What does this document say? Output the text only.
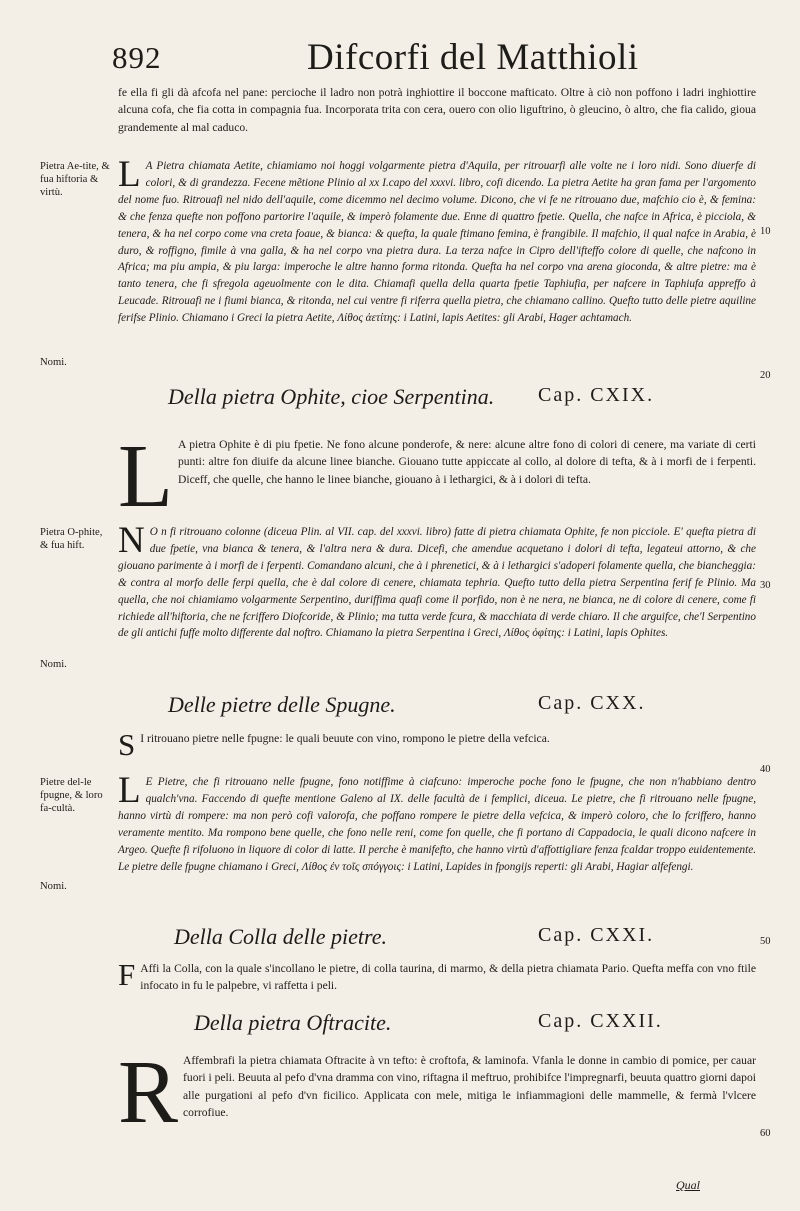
892	Difcorfi del Matthioli

fe ella fi gli dà afcofa nel pane: percioche il ladro non potrà inghiottire il boccone mafticato. Oltre à ciò non poffono i ladri inghiottire alcuna cofa, che fia cotta in compagnia fua. Incorporata trita con cera, ouero con olio liguftrino, ò gleucino, ò altro, che fia calido, gioua grandemente al mal caduco.

L A Pietra chiamata Aetite, chiamiamo noi hoggi volgarmente pietra d'Aquila, per ritrouarfi alle volte ne i loro nidi. Sono diuerfe di colori, & di grandezza. Fecene mẽtione Plinio al xx I.capo del xxxvi. libro, cofi dicendo. La pietra Aetite ha gran fama per l'argomento del nome fuo. Ritrouafi nel nido dell'aquile, come dicemmo nel decimo volume. Dicono, che vi fe ne ritrouano due, mafchio cio è, & femina: & che fenza quefte non poffono partorire l'aquile, & imperò folamente due. Enne di quattro fpetie. Quella, che nafce in Africa, è picciola, & tenera, & ha nel corpo come vna creta foaue, & bianca: & quefta, la quale ftimano femina, è frangibile. Il mafchio, il qual nafce in Arabia, è duro, & roffigno, fimile à vna galla, & ha nel corpo vna pietra dura. La terza nafce in Cipro dell'ifteffo colore di quelle, che nafcono in Africa; ma piu ampia, & piu larga: imperoche le altre hanno forma ritonda. Quefta ha nel corpo vna arena gioconda, & altre pietre: ma è tanto tenera, che fi sfregola ageuolmente con le dita. Chiamafi quella della quarta fpetie Taphiufia, per nafcere in Taphiufa appreffo à Leucade. Ritrouafi ne i fiumi bianca, & ritonda, nel cui ventre fi riferra quella pietra, che chiamano callino. Quefto tutto delle pietre aquiline ferifse Plinio. Chiamano i Greci la pietra Aetite, Λίθος ἀετίτης: i Latini, lapis Aetites: gli Arabi, Hager achtamach.

Della pietra Ophite, cioe Serpentina. Cap. CXIX.

L A pietra Ophite è di piu fpetie. Ne fono alcune ponderofe, & nere: alcune altre fono di colori di cenere, ma variate di certi punti: altre fon diuife da alcune linee bianche. Giouano tutte appiccate al collo, al dolore di tefta, & à i morfi de i ferpenti. Diceff, che quelle, che hanno le linee bianche, giouano à i lethargici, & à i dolori di tefta.

N O n fi ritrouano colonne (diceua Plin. al VII. cap. del xxxvi. libro) fatte di pietra chiamata Ophite, fe non picciole. E' quefta pietra di due fpetie, vna bianca & tenera, & l'altra nera & dura. Dicefi, che amendue acquetano i dolori di tefta, legateui attorno, & che giouano parimente à i morfi de i ferpenti. Comandano alcuni, che à i phrenetici, & à i lethargici s'adoperi folamente quella, che biancheggia: & contra al morfo delle ferpi quella, che è dal colore di cenere, chiamata tephria. Quefto tutto della pietra Serpentina ferif fe Plinio. Ma quella, che noi chiamiamo volgarmente Serpentino, duriffima quafi come il porfido, non è ne nera, ne bianca, ne di colore di cenere, come fi richiede all'hiftoria, che ne fcriffero Diofcoride, & Plinio; ma tutta verde fcura, & macchiata di verde chiaro. Il che arguifce, che'l Serpentino de gli antichi fuffe molto differente dal noftro. Chiamano la pietra Serpentina i Greci, Λίθος ὀφίτης: i Latini, lapis Ophites.

Delle pietre delle Spugne.	Cap. CXX.

S I ritrouano pietre nelle fpugne: le quali beuute con vino, rompono le pietre della vefcica.

L E Pietre, che fi ritrouano nelle fpugne, fono notiffime à ciafcuno: imperoche poche fono le fpugne, che non n'habbiano dentro qualch'vna. Faccendo di quefte mentione Galeno al IX. delle facultà de i femplici, diceua. Le pietre, che fi ritrouano nelle fpugne, hanno virtù di rompere: ma non però cofi valorofa, che poffano rompere le pietre della vefcica, & imperò coloro, che lo fcriffero, hanno veramente mentito. Ma rompono bene quelle, che fono nelle reni, come fon quelle, che fi portano di Cappadocia, le quali dicono nafcere in Argeo. Quefte fi rifoluono in liquore di color di latte. Il perche è manifefto, che hanno virtù d'affottigliare fenza fcaldar troppo euidentemente. Le pietre delle fpugne chiamano i Greci, Λίθος ἐν τοῖς σπόγγοις: i Latini, Lapides in fpongijs reperti: gli Arabi, Hagiar alfefengi.

Della Colla delle pietre.	Cap. CXXI.

F Affi la Colla, con la quale s'incollano le pietre, di colla taurina, di marmo, & della pietra chiamata Pario. Quefta meffa con vno ftile infocato in fu le palpebre, vi raffetta i peli.

Della pietra Oftracite.	Cap. CXXII.

R Affembrafi la pietra chiamata Oftracite à vn tefto: è croftofa, & laminofa. Vfanla le donne in cambio di pomice, per cauar fuori i peli. Beuuta al pefo d'vna dramma con vino, riftagna il meftruo, prohibifce l'impregnarfi, beuuta quattro giorni dapoi alle purgationi al pefo d'vn ficilico. Applicata con mele, mitiga le infiammagioni delle mammelle, & fermà l'vlcere corrofiue.

Pietra Ae-tite, & fua hiftoria & virtù.
Nomi.
Pietra O-phite, & fua hift.
Nomi.
Pietre del-le fpugne, & loro fa-cultà.
Nomi.
10
20
30
40
50
60
Qual
